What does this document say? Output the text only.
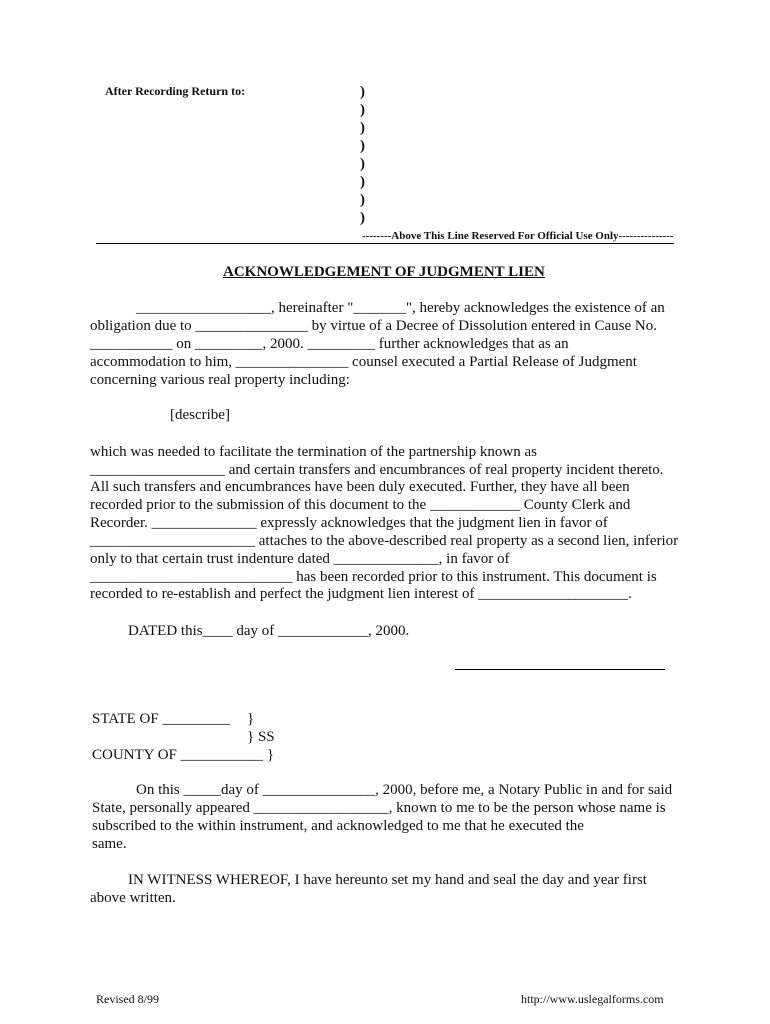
After Recording Return to:	)
)
)
)
)
)
)
)
--------Above This Line Reserved For Official Use Only---------------
ACKNOWLEDGEMENT OF JUDGMENT LIEN
__________________, hereinafter "_______", hereby acknowledges the existence of an
obligation due to _______________ by virtue of a Decree of Dissolution entered in Cause No.
___________ on _________, 2000. _________ further acknowledges that as an
accommodation to him, _______________ counsel executed a Partial Release of Judgment
concerning various real property including:
[describe]
which was needed to facilitate the termination of the partnership known as
__________________ and certain transfers and encumbrances of real property incident thereto.
All such transfers and encumbrances have been duly executed. Further, they have all been
recorded prior to the submission of this document to the ____________ County Clerk and
Recorder. ______________ expressly acknowledges that the judgment lien in favor of
______________________ attaches to the above-described real property as a second lien, inferior
only to that certain trust indenture dated ______________, in favor of
___________________________ has been recorded prior to this instrument. This document is
recorded to re-establish and perfect the judgment lien interest of ____________________.
DATED this____ day of ____________, 2000.
STATE OF _________ }
} SS
COUNTY OF ___________ }
On this _____day of _______________, 2000, before me, a Notary Public in and for said
State, personally appeared __________________, known to me to be the person whose name is
subscribed to the within instrument, and acknowledged to me that he executed the
same.
IN WITNESS WHEREOF, I have hereunto set my hand and seal the day and year first
above written.
Revised 8/99	http://www.uslegalforms.com
